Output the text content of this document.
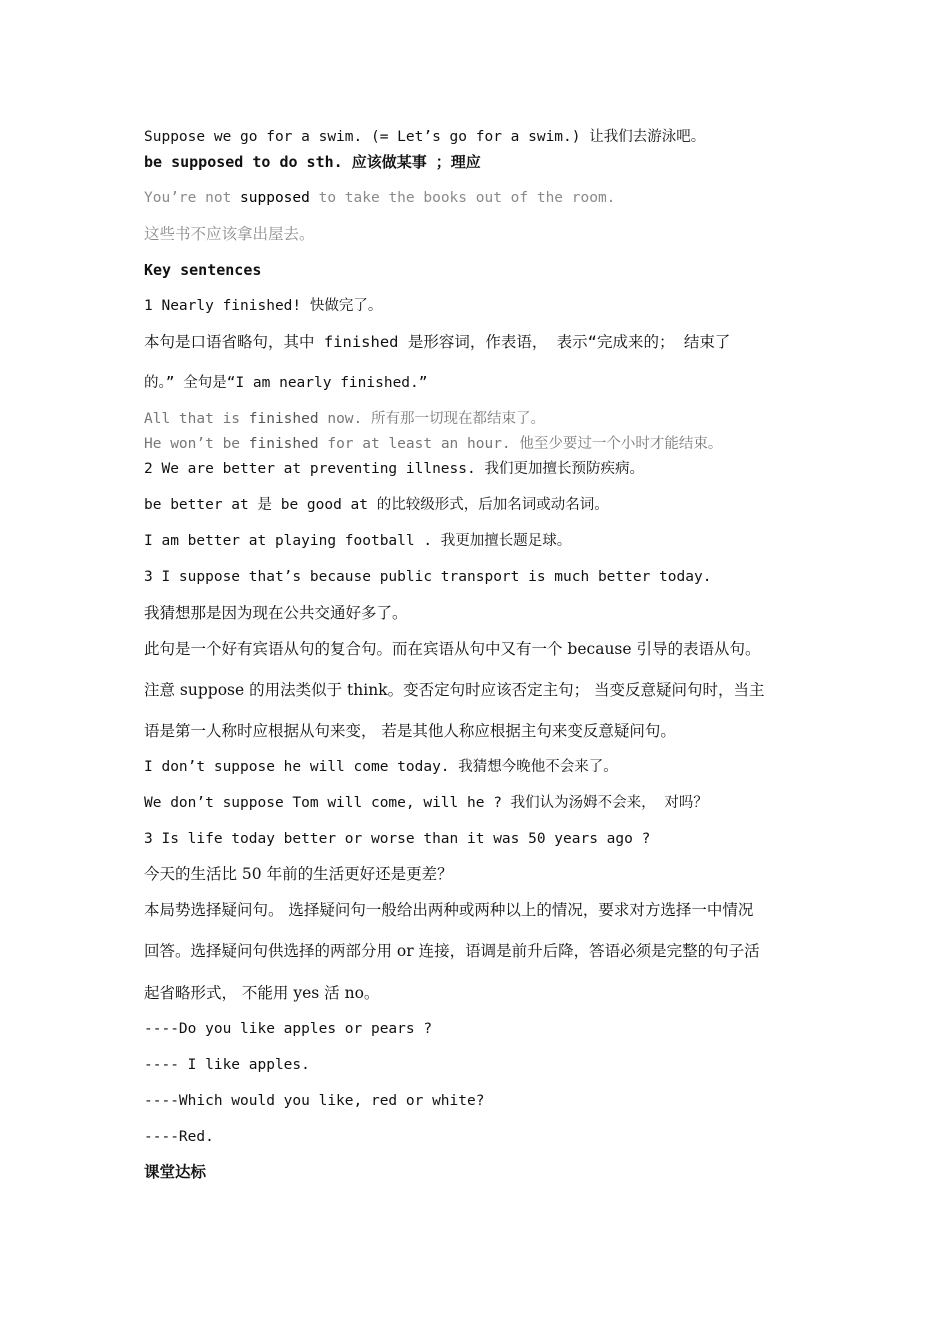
Suppose we go for a swim. (= Let’s go for a swim.) 让我们去游泳吧。
be supposed to do sth. 应该做某事 ；理应
You’re not supposed to take the books out of the room.
这些书不应该拿出屋去。
Key sentences
1 Nearly finished! 快做完了。
本句是口语省略句，其中 finished 是形容词，作表语， 表示“完成来的； 结束了
的。” 全句是“I am nearly finished.”
All that is finished now. 所有那一切现在都结束了。
He won’t be finished for at least an hour. 他至少要过一个小时才能结束。
2 We are better at preventing illness. 我们更加擅长预防疾病。
be better at 是 be good at 的比较级形式，后加名词或动名词。
I am better at playing football . 我更加擅长题足球。
3 I suppose that’s because public transport is much better today.
我猜想那是因为现在公共交通好多了。
此句是一个好有宾语从句的复合句。而在宾语从句中又有一个 because 引导的表语从句。
注意 suppose 的用法类似于 think。变否定句时应该否定主句； 当变反意疑问句时，当主
语是第一人称时应根据从句来变， 若是其他人称应根据主句来变反意疑问句。
I don’t suppose he will come today. 我猜想今晚他不会来了。
We don’t suppose Tom will come, will he ? 我们认为汤姆不会来， 对吗？
3 Is life today better or worse than it was 50 years ago ?
今天的生活比 50 年前的生活更好还是更差？
本局势选择疑问句。 选择疑问句一般给出两种或两种以上的情况，要求对方选择一中情况
回答。选择疑问句供选择的两部分用 or 连接，语调是前升后降，答语必须是完整的句子活
起省略形式， 不能用 yes 活 no。
----Do you like apples or pears ?
---- I like apples.
----Which would you like, red or white?
----Red.
课堂达标
